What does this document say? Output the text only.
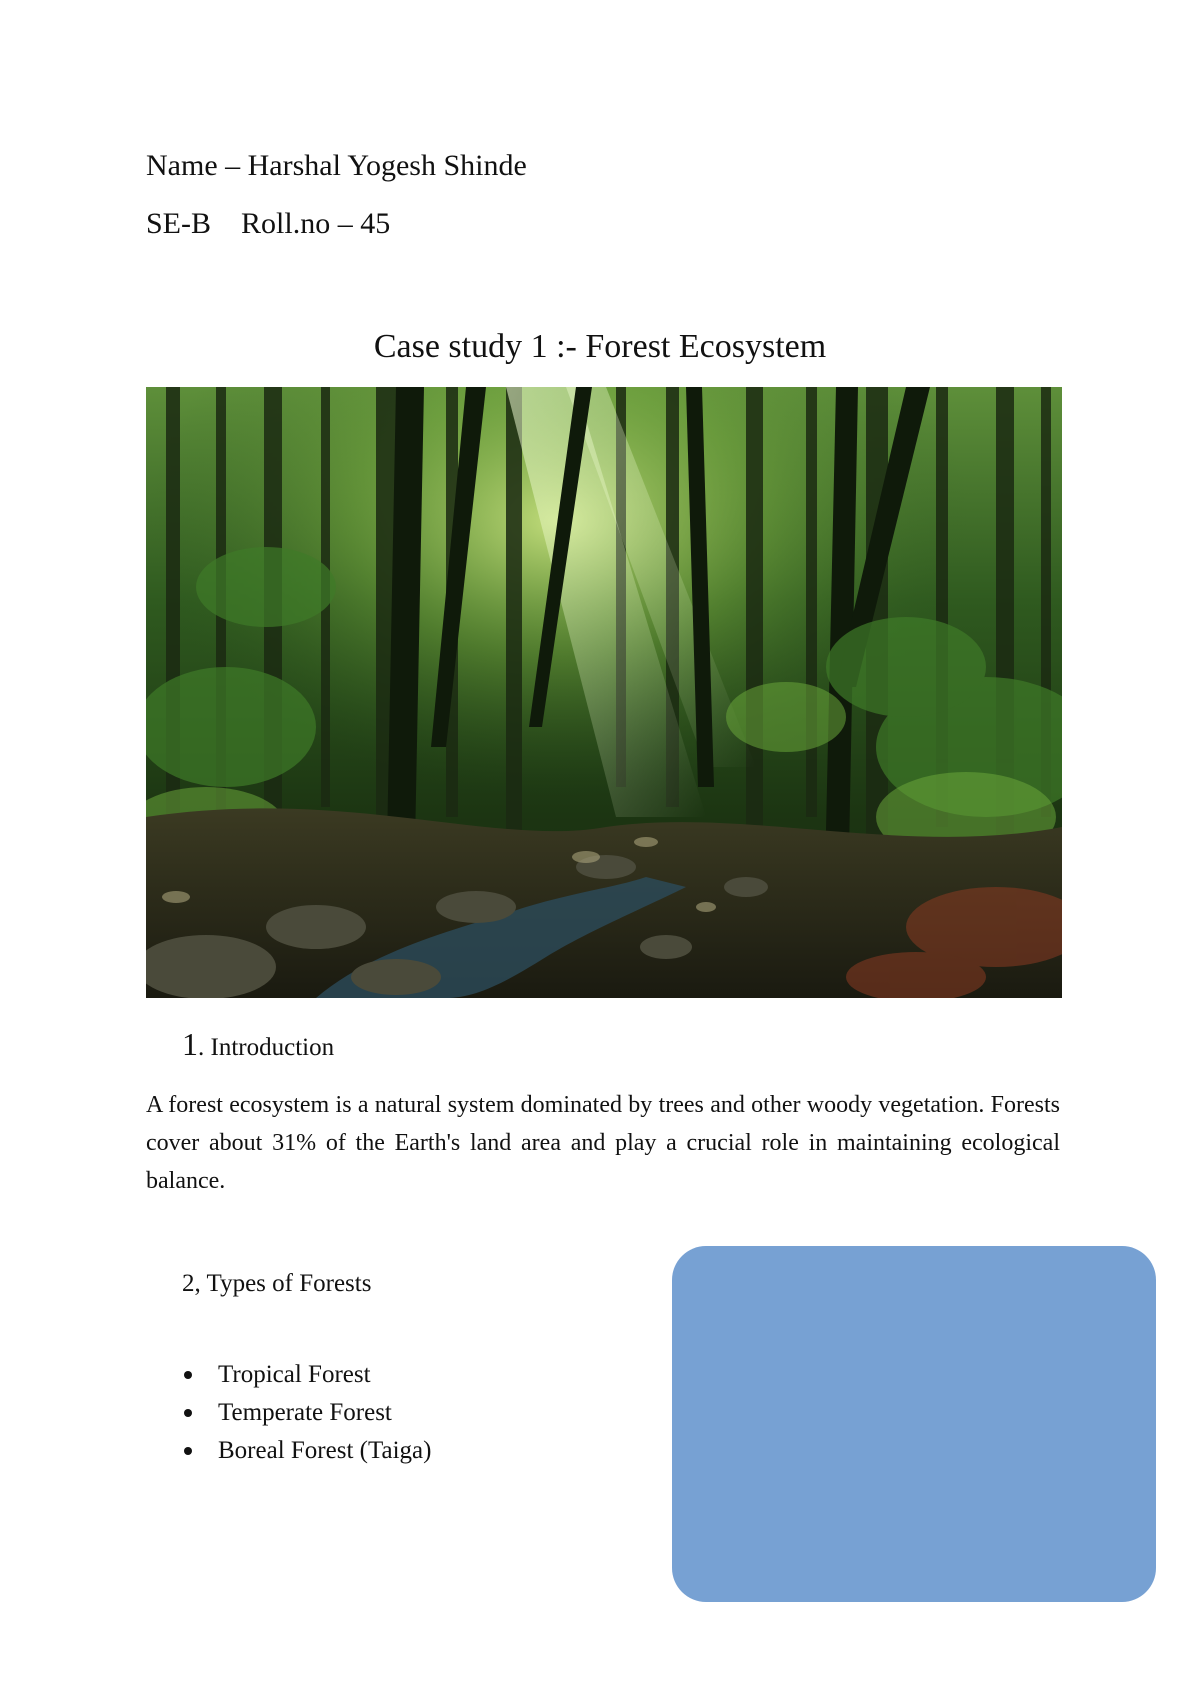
Name – Harshal Yogesh Shinde
SE-B    Roll.no – 45
Case study 1 :- Forest Ecosystem
1. Introduction
A forest ecosystem is a natural system dominated by trees and other woody vegetation. Forests cover about 31% of the Earth's land area and play a crucial role in maintaining ecological balance.
2, Types of Forests
Tropical Forest
Temperate Forest
Boreal Forest (Taiga)
